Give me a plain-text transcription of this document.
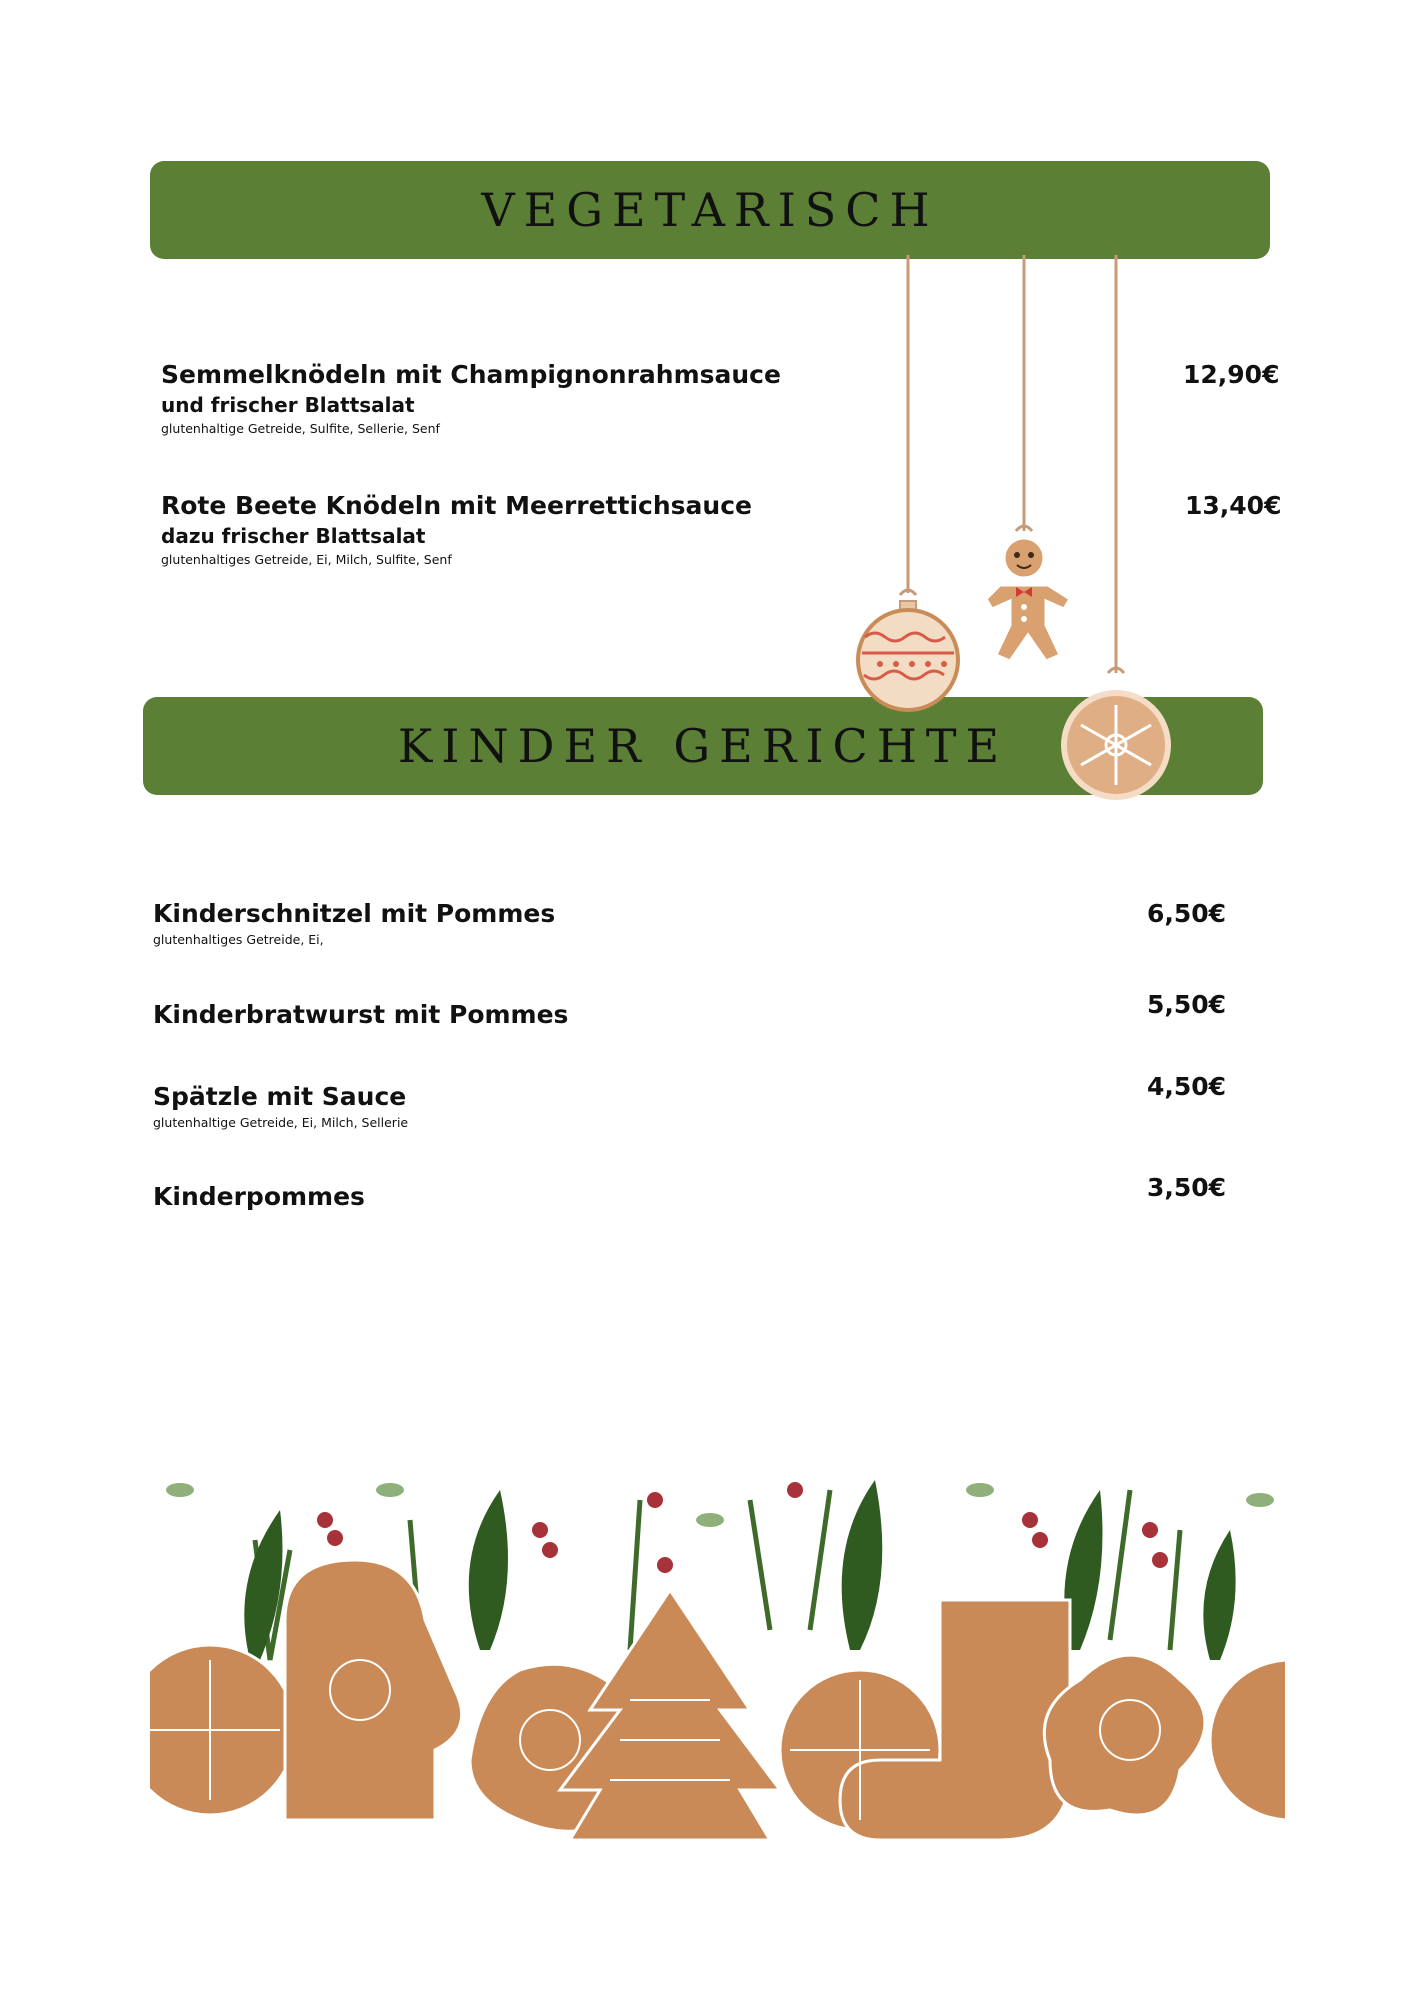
VEGETARISCH
Semmelknödeln mit Champignonrahmsauce
und frischer Blattsalat
glutenhaltige Getreide, Sulfite, Sellerie, Senf
12,90€
Rote Beete Knödeln mit Meerrettichsauce
dazu frischer Blattsalat
glutenhaltiges Getreide, Ei, Milch, Sulfite, Senf
13,40€
KINDER GERICHTE
Kinderschnitzel mit Pommes
glutenhaltiges Getreide, Ei,
6,50€
Kinderbratwurst mit Pommes	5,50€
Spätzle mit Sauce
glutenhaltige Getreide, Ei, Milch, Sellerie
4,50€
Kinderpommes	3,50€
